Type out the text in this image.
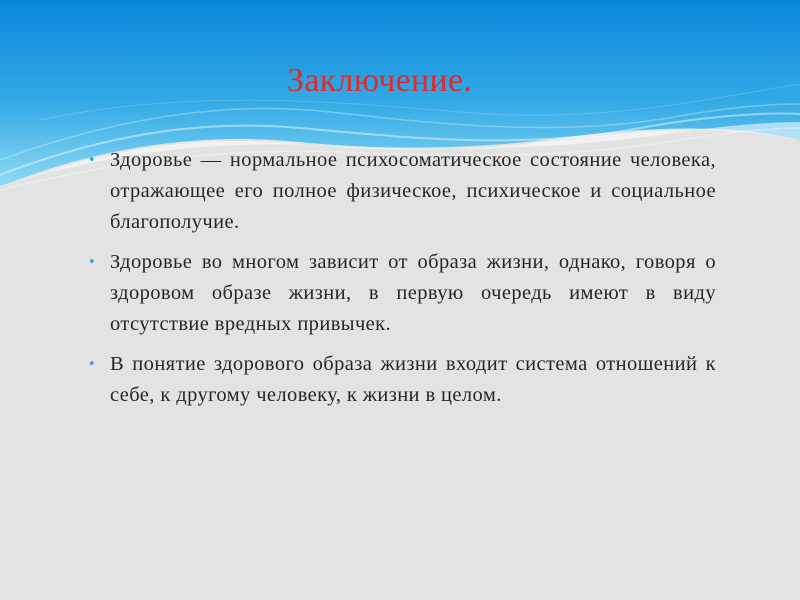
Заключение.
• Здоровье — нормальное психосоматическое состояние человека, отражающее его полное физическое, психическое и социальное благополучие.
• Здоровье во многом зависит от образа жизни, однако, говоря о здоровом образе жизни, в первую очередь имеют в виду отсутствие вредных привычек.
• В понятие здорового образа жизни входит система отношений к себе, к другому человеку, к жизни в целом.
